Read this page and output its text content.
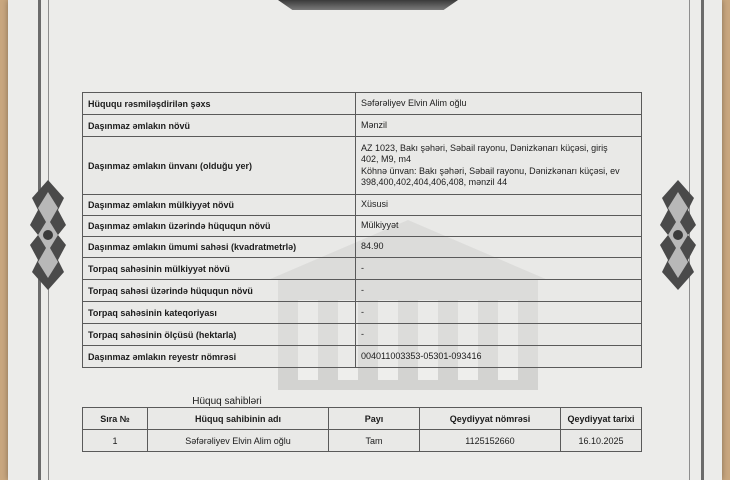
Hüququ rəsmiləşdirilən şəxs	Səfərəliyev Elvin Alim oğlu
Daşınmaz əmlakın növü	Mənzil
Daşınmaz əmlakın ünvanı (olduğu yer)	AZ 1023, Bakı şəhəri, Səbail rayonu, Dənizkənarı küçəsi, giriş
402, M9, m4
Köhnə ünvan: Bakı şəhəri, Səbail rayonu, Dənizkənarı küçəsi, ev
398,400,402,404,406,408, mənzil 44

Daşınmaz əmlakın mülkiyyət növü	Xüsusi
Daşınmaz əmlakın üzərində hüququn növü	Mülkiyyət
Daşınmaz əmlakın ümumi sahəsi (kvadratmetrlə)	84.90
Torpaq sahəsinin mülkiyyət növü	-
Torpaq sahəsi üzərində hüququn növü	-
Torpaq sahəsinin kateqoriyası	-
Torpaq sahəsinin ölçüsü (hektarla)	-
Daşınmaz əmlakın reyestr nömrəsi	004011003353-05301-093416
Hüquq sahibləri
Sıra №	Hüquq sahibinin adı	Payı	Qeydiyyat nömrəsi	Qeydiyyat tarixi
1	Səfərəliyev Elvin Alim oğlu	Tam	1125152660	16.10.2025
